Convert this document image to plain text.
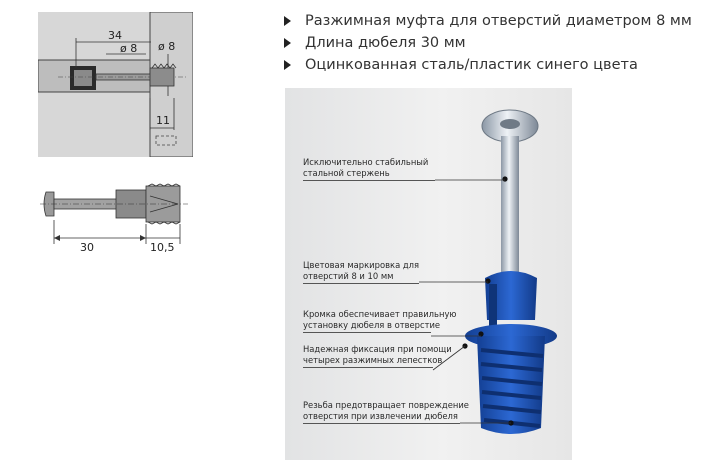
34
ø 8 ø 8
11
30	10,5
Разжимная муфта для отверстий диаметром 8 мм
Длина дюбеля 30 мм
Оцинкованная сталь/пластик синего цвета
Исключительно стабильный
стальной стержень
Цветовая маркировка для
отверстий 8 и 10 мм
Кромка обеспечивает правильную
установку дюбеля в отверстие
Надежная фиксация при помощи
четырех разжимных лепестков
Резьба предотвращает повреждение
отверстия при извлечении дюбеля
